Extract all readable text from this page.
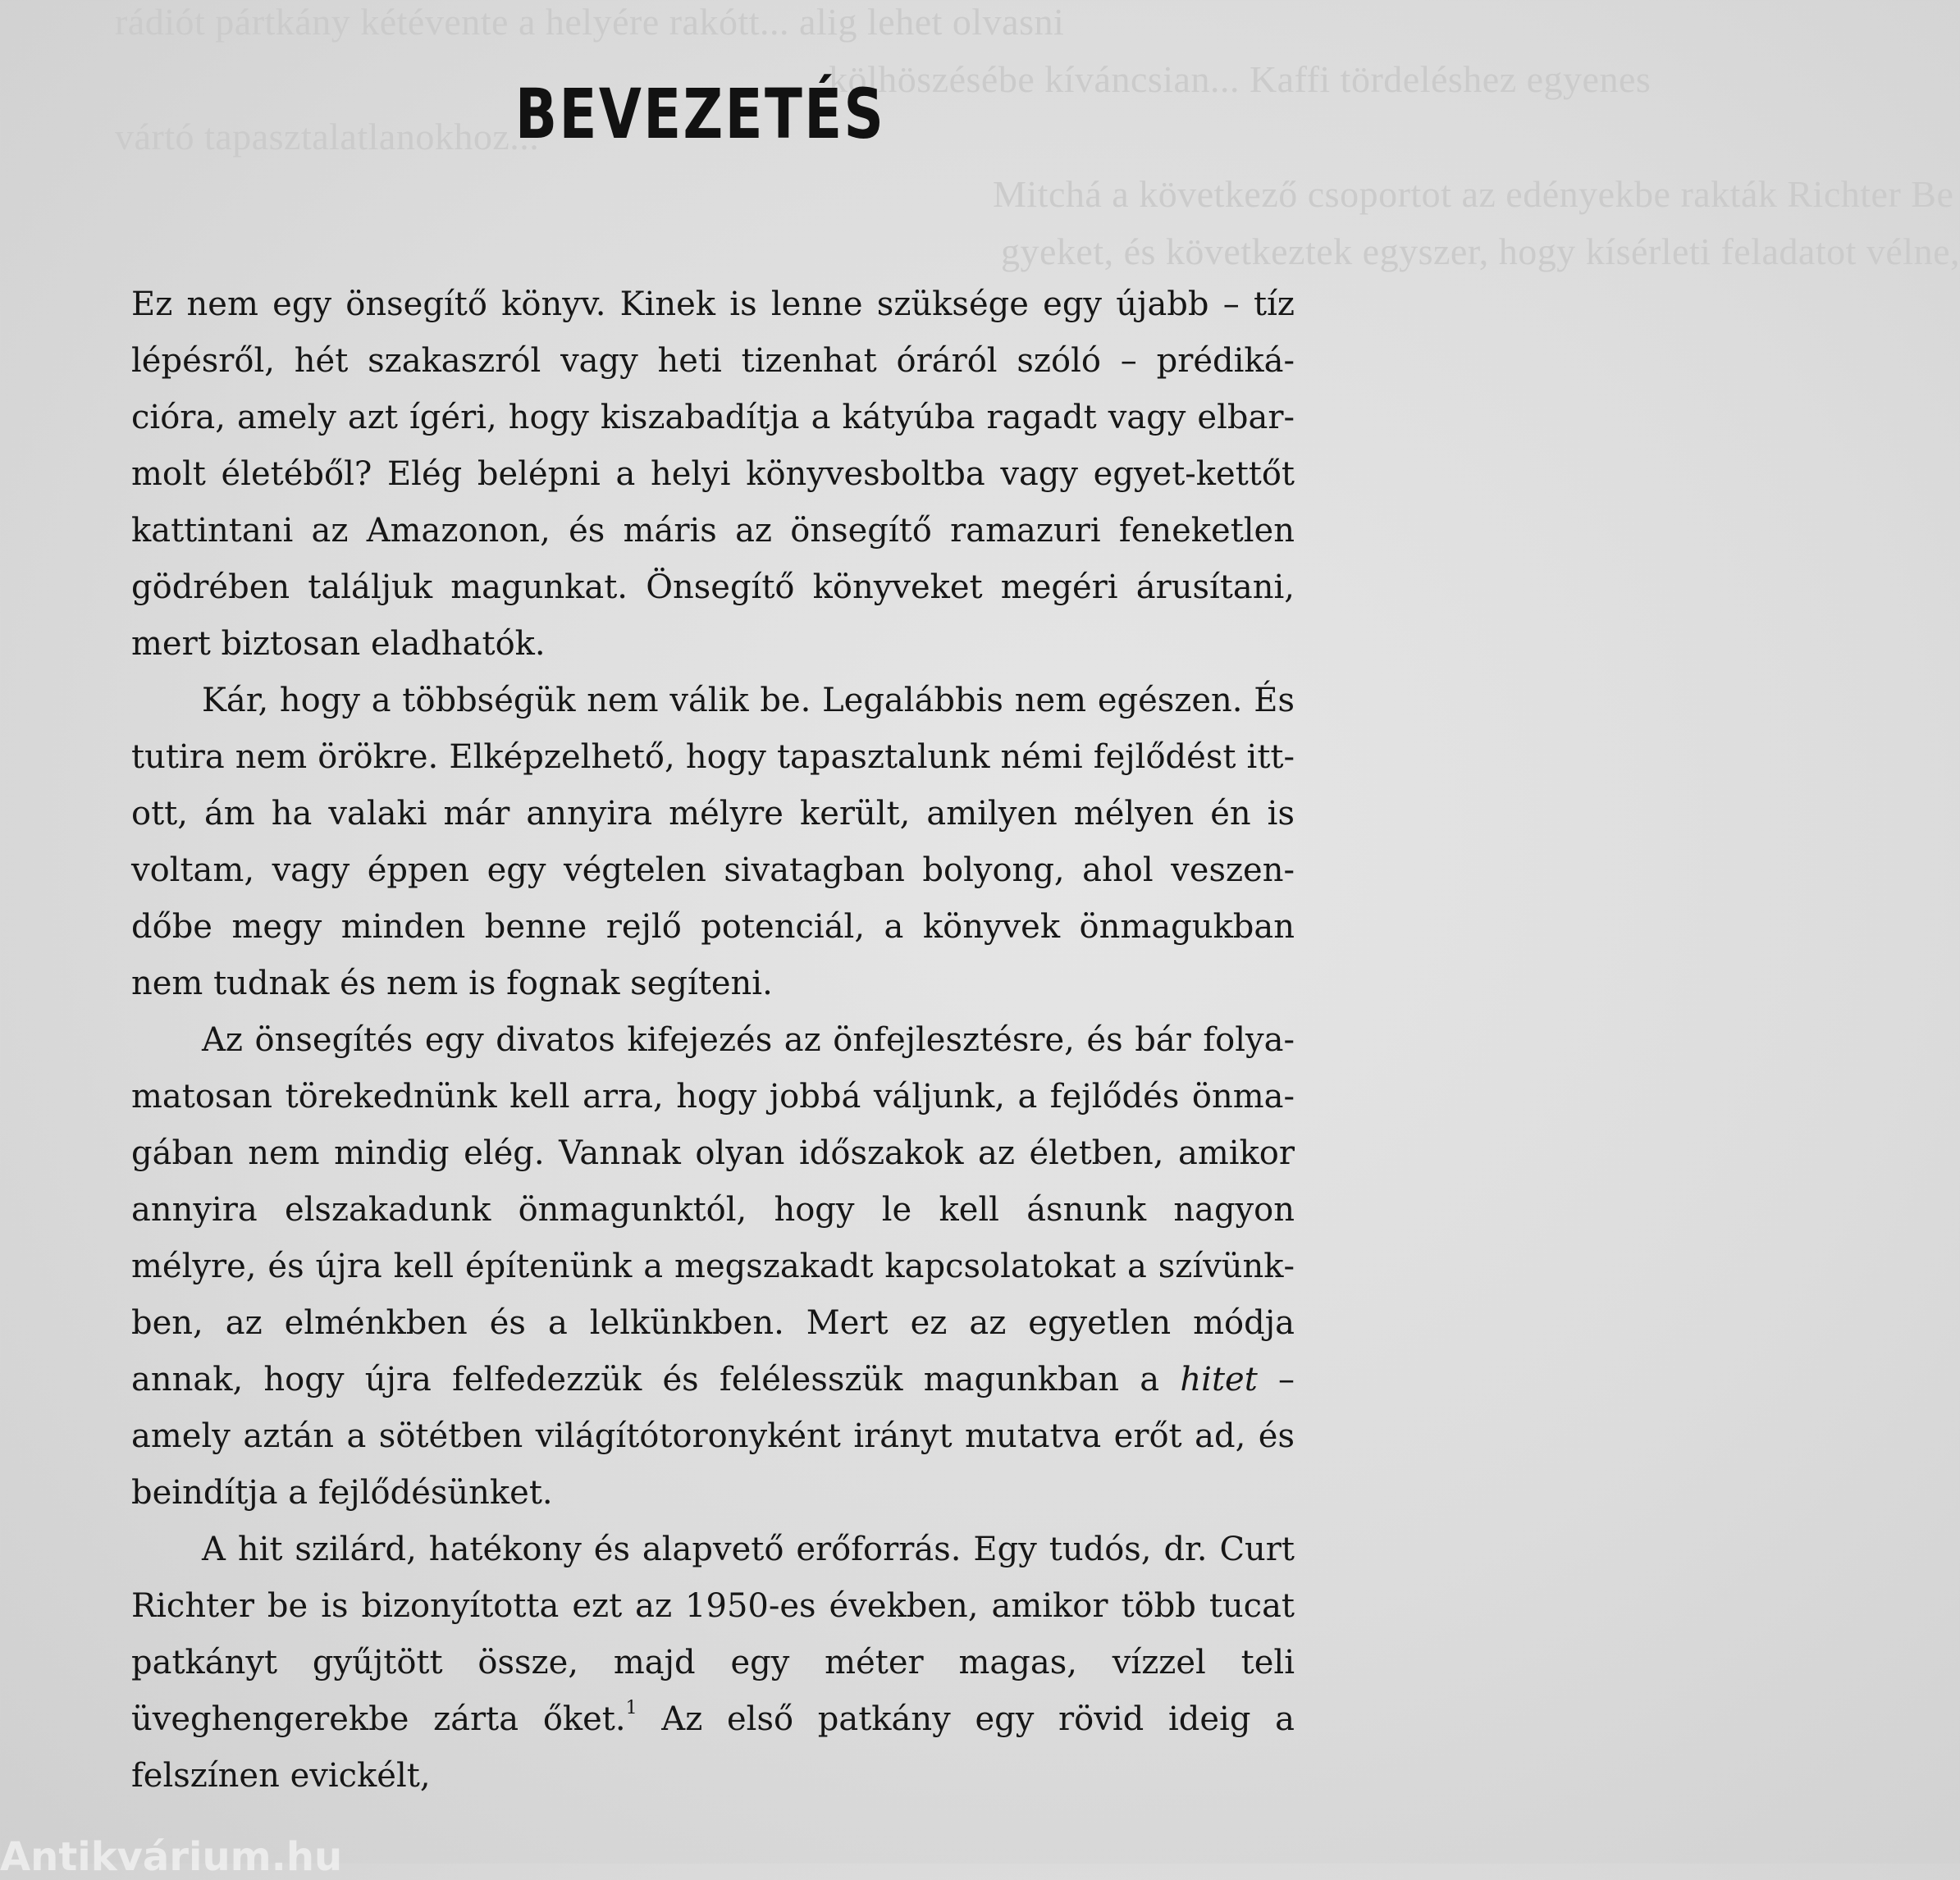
rádiót pártkány kétévente a helyére rakótt... alig lehet olvasni
kölhöszésébe kíváncsian... Kaffi tördeléshez egyenes
vártó tapasztalatlanokhoz...
Mitchá a következő csoportot az edényekbe rakták Richter Be
gyeket, és következtek egyszer, hogy kísérleti feladatot vélne,
BEVEZETÉS

Ez nem egy önsegítő könyv. Kinek is lenne szüksége egy újabb – tíz lépésről, hét szakaszról vagy heti tizenhat óráról szóló – prédikációra, amely azt ígéri, hogy kiszabadítja a kátyúba ragadt vagy elbarmolt életéből? Elég belépni a helyi könyvesboltba vagy egyet-kettőt kattintani az Amazonon, és máris az önsegítő ramazuri feneketlen gödrében találjuk magunkat. Önsegítő könyveket megéri árusítani, mert biztosan eladhatók.

Kár, hogy a többségük nem válik be. Legalábbis nem egészen. És tutira nem örökre. Elképzelhető, hogy tapasztalunk némi fejlődést itt-ott, ám ha valaki már annyira mélyre került, amilyen mélyen én is voltam, vagy éppen egy végtelen sivatagban bolyong, ahol veszendőbe megy minden benne rejlő potenciál, a könyvek önmagukban nem tudnak és nem is fognak segíteni.

Az önsegítés egy divatos kifejezés az önfejlesztésre, és bár folyamatosan törekednünk kell arra, hogy jobbá váljunk, a fejlődés önmagában nem mindig elég. Vannak olyan időszakok az életben, amikor annyira elszakadunk önmagunktól, hogy le kell ásnunk nagyon mélyre, és újra kell építenünk a megszakadt kapcsolatokat a szívünkben, az elménkben és a lelkünkben. Mert ez az egyetlen módja annak, hogy újra felfedezzük és felélesszük magunkban a hitet – amely aztán a sötétben világítótoronyként irányt mutatva erőt ad, és beindítja a fejlődésünket.

A hit szilárd, hatékony és alapvető erőforrás. Egy tudós, dr. Curt Richter be is bizonyította ezt az 1950-es években, amikor több tucat patkányt gyűjtött össze, majd egy méter magas, vízzel teli üveghengerekbe zárta őket.$^1$ Az első patkány egy rövid ideig a felszínen evickélt,

Antikvárium.hu
